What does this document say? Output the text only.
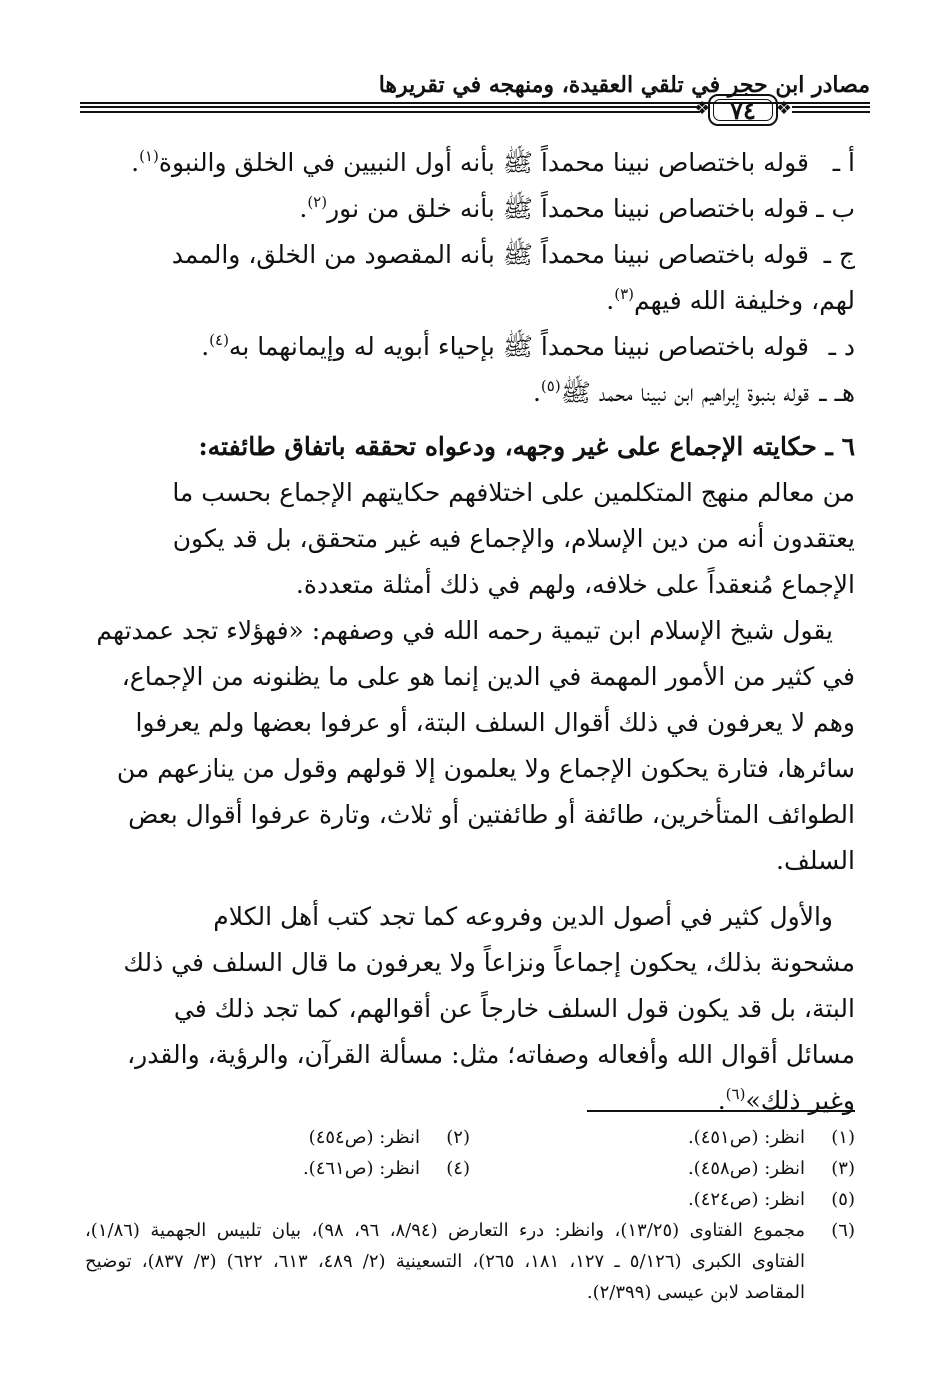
مصادر ابن حجر في تلقي العقيدة، ومنهجه في تقريرها
❖ ٧٤ ❖
أ ـ
قوله باختصاص نبينا محمداً ﷺ بأنه أول النبيين في الخلق والنبوة$^{(١)}$.
ب ـ
قوله باختصاص نبينا محمداً ﷺ بأنه خلق من نور$^{(٢)}$.
ج ـ
قوله باختصاص نبينا محمداً ﷺ بأنه المقصود من الخلق، والممد
لهم، وخليفة الله فيهم$^{(٣)}$.
د ـ
قوله باختصاص نبينا محمداً ﷺ بإحياء أبويه له وإيمانهما به$^{(٤)}$.
هـ ـ
قوله بنبوة إبراهيم ابن نبينا محمد ﷺ$^{(٥)}$.
٦ ـ حكايته الإجماع على غير وجهه، ودعواه تحققه باتفاق طائفته:
من معالم منهج المتكلمين على اختلافهم حكايتهم الإجماع بحسب ما
يعتقدون أنه من دين الإسلام، والإجماع فيه غير متحقق، بل قد يكون
الإجماع مُنعقداً على خلافه، ولهم في ذلك أمثلة متعددة.
يقول شيخ الإسلام ابن تيمية رحمه الله في وصفهم: «فهؤلاء تجد عمدتهم
في كثير من الأمور المهمة في الدين إنما هو على ما يظنونه من الإجماع،
وهم لا يعرفون في ذلك أقوال السلف البتة، أو عرفوا بعضها ولم يعرفوا
سائرها، فتارة يحكون الإجماع ولا يعلمون إلا قولهم وقول من ينازعهم من
الطوائف المتأخرين، طائفة أو طائفتين أو ثلاث، وتارة عرفوا أقوال بعض
السلف.
والأول كثير في أصول الدين وفروعه كما تجد كتب أهل الكلام
مشحونة بذلك، يحكون إجماعاً ونزاعاً ولا يعرفون ما قال السلف في ذلك
البتة، بل قد يكون قول السلف خارجاً عن أقوالهم، كما تجد ذلك في
مسائل أقوال الله وأفعاله وصفاته؛ مثل: مسألة القرآن، والرؤية، والقدر،
وغير ذلك»$^{(٦)}$.
(١)
انظر: (ص٤٥١).
(٢)
انظر: (ص٤٥٤)
(٣)
انظر: (ص٤٥٨).
(٤)
انظر: (ص٤٦١).
(٥)
انظر: (ص٤٢٤).
(٦)
مجموع الفتاوى (١٣/٢٥)، وانظر: درء التعارض (٨/٩٤، ٩٦، ٩٨)، بيان تلبيس الجهمية (١/٨٦)، الفتاوى الكبرى (٥/١٢٦ ـ ١٢٧، ١٨١، ٢٦٥)، التسعينية (٢/ ٤٨٩، ٦١٣، ٦٢٢) (٣/ ٨٣٧)، توضيح المقاصد لابن عيسى (٢/٣٩٩).
